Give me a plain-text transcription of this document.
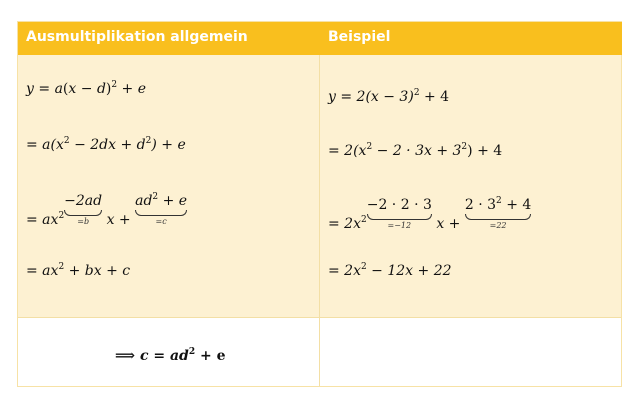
Ausmultiplikation allgemein	Beispiel
$y = a(x - d)^2 + e$
= $a(x^2 - 2dx + d^2) + e$
= $ax^2-2ad$
=b $x + ad^2 + e$
=c
= $ax^2$ + bx + c
⟹ $c = ad^2 + e$
$y = 2(x - 3)^2 + 4$
= $2(x^2 - 2 \cdot 3x + 3^2) + 4$
= $2x^2-2 \cdot 2 \cdot 3$
=−12	$x + 2 \cdot 3^2 + 4$
=22
= $2x^2 - 12x + 22$
